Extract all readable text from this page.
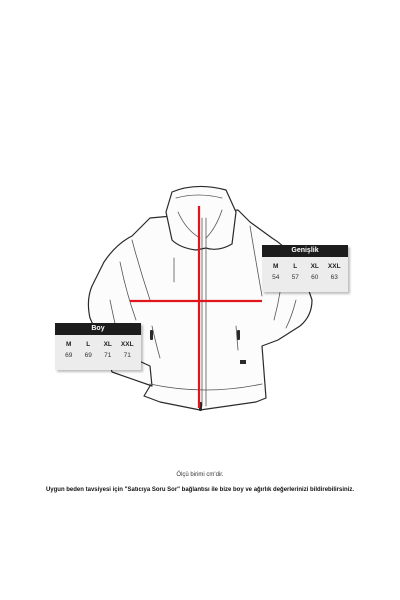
Genişlik
M	L	XL	XXL
54	57	60	63
Boy
M	L	XL	XXL
69	69	71	71
Ölçü birimi cm'dir.
Uygun beden tavsiyesi için "Satıcıya Soru Sor" bağlantısı ile bize boy ve ağırlık değerlerinizi bildirebilirsiniz.
